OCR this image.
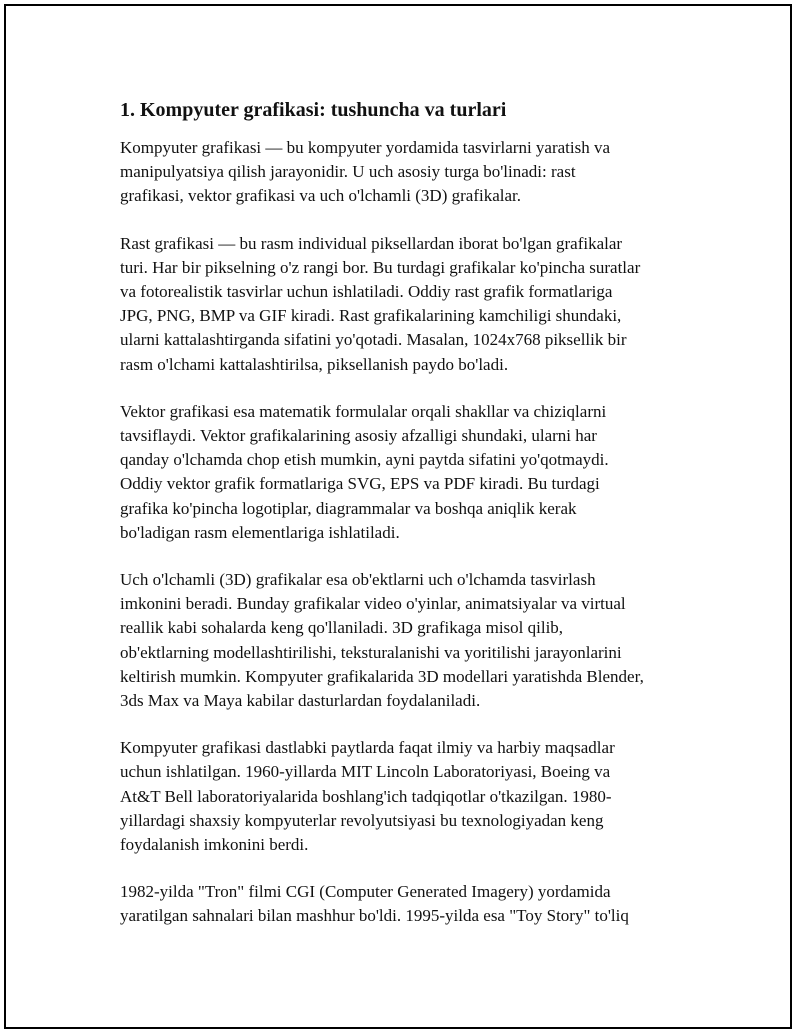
1. Kompyuter grafikasi: tushuncha va turlari

Kompyuter grafikasi — bu kompyuter yordamida tasvirlarni yaratish va
manipulyatsiya qilish jarayonidir. U uch asosiy turga bo'linadi: rast
grafikasi, vektor grafikasi va uch o'lchamli (3D) grafikalar.

Rast grafikasi — bu rasm individual piksellardan iborat bo'lgan grafikalar
turi. Har bir pikselning o'z rangi bor. Bu turdagi grafikalar ko'pincha suratlar
va fotorealistik tasvirlar uchun ishlatiladi. Oddiy rast grafik formatlariga
JPG, PNG, BMP va GIF kiradi. Rast grafikalarining kamchiligi shundaki,
ularni kattalashtirganda sifatini yo'qotadi. Masalan, 1024x768 piksellik bir
rasm o'lchami kattalashtirilsa, piksellanish paydo bo'ladi.

Vektor grafikasi esa matematik formulalar orqali shakllar va chiziqlarni
tavsiflaydi. Vektor grafikalarining asosiy afzalligi shundaki, ularni har
qanday o'lchamda chop etish mumkin, ayni paytda sifatini yo'qotmaydi.
Oddiy vektor grafik formatlariga SVG, EPS va PDF kiradi. Bu turdagi
grafika ko'pincha logotiplar, diagrammalar va boshqa aniqlik kerak
bo'ladigan rasm elementlariga ishlatiladi.

Uch o'lchamli (3D) grafikalar esa ob'ektlarni uch o'lchamda tasvirlash
imkonini beradi. Bunday grafikalar video o'yinlar, animatsiyalar va virtual
reallik kabi sohalarda keng qo'llaniladi. 3D grafikaga misol qilib,
ob'ektlarning modellashtirilishi, teksturalanishi va yoritilishi jarayonlarini
keltirish mumkin. Kompyuter grafikalarida 3D modellari yaratishda Blender,
3ds Max va Maya kabilar dasturlardan foydalaniladi.

Kompyuter grafikasi dastlabki paytlarda faqat ilmiy va harbiy maqsadlar
uchun ishlatilgan. 1960-yillarda MIT Lincoln Laboratoriyasi, Boeing va
At&T Bell laboratoriyalarida boshlang'ich tadqiqotlar o'tkazilgan. 1980-
yillardagi shaxsiy kompyuterlar revolyutsiyasi bu texnologiyadan keng
foydalanish imkonini berdi.

1982-yilda "Tron" filmi CGI (Computer Generated Imagery) yordamida
yaratilgan sahnalari bilan mashhur bo'ldi. 1995-yilda esa "Toy Story" to'liq
